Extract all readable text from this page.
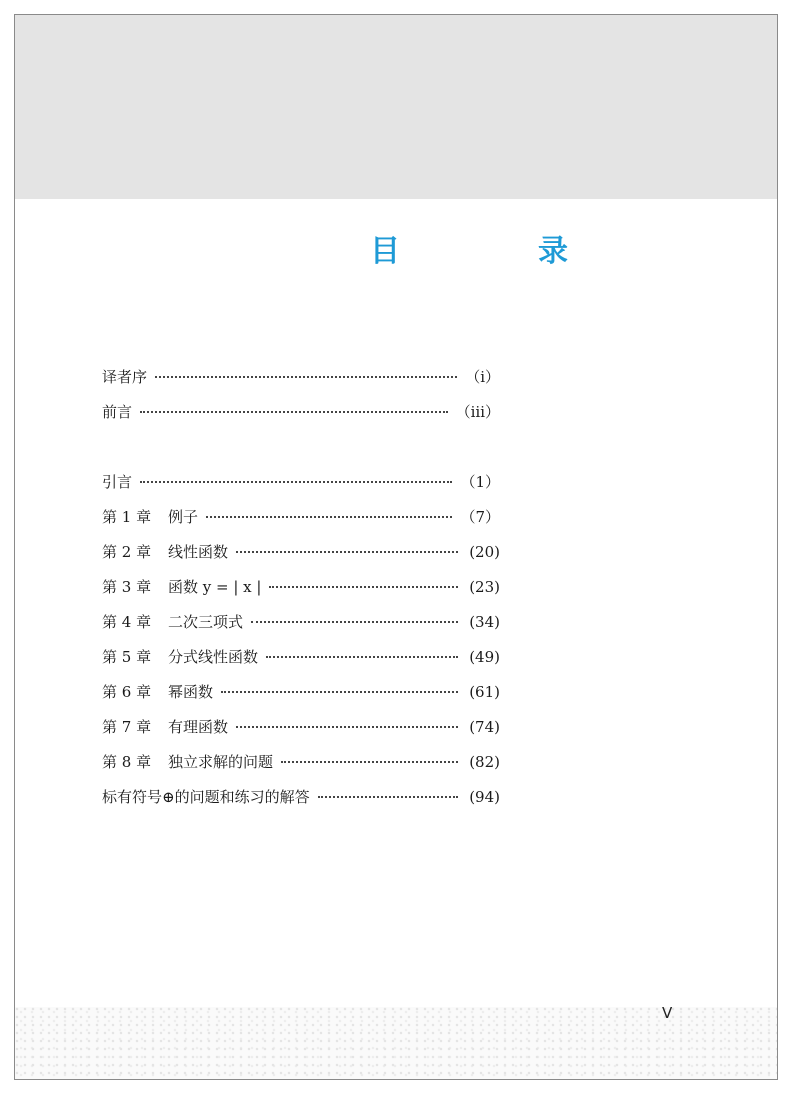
目　录
译者序	（ⅰ）
前言	（ⅲ）
引言	（1）
第 1 章	例子	（7）
第 2 章	线性函数	(20)
第 3 章	函数 y = | x |	(23)
第 4 章	二次三项式	(34)
第 5 章	分式线性函数	(49)
第 6 章	幂函数	(61)
第 7 章	有理函数	(74)
第 8 章	独立求解的问题	(82)
标有符号⊕的问题和练习的解答	(94)
V
